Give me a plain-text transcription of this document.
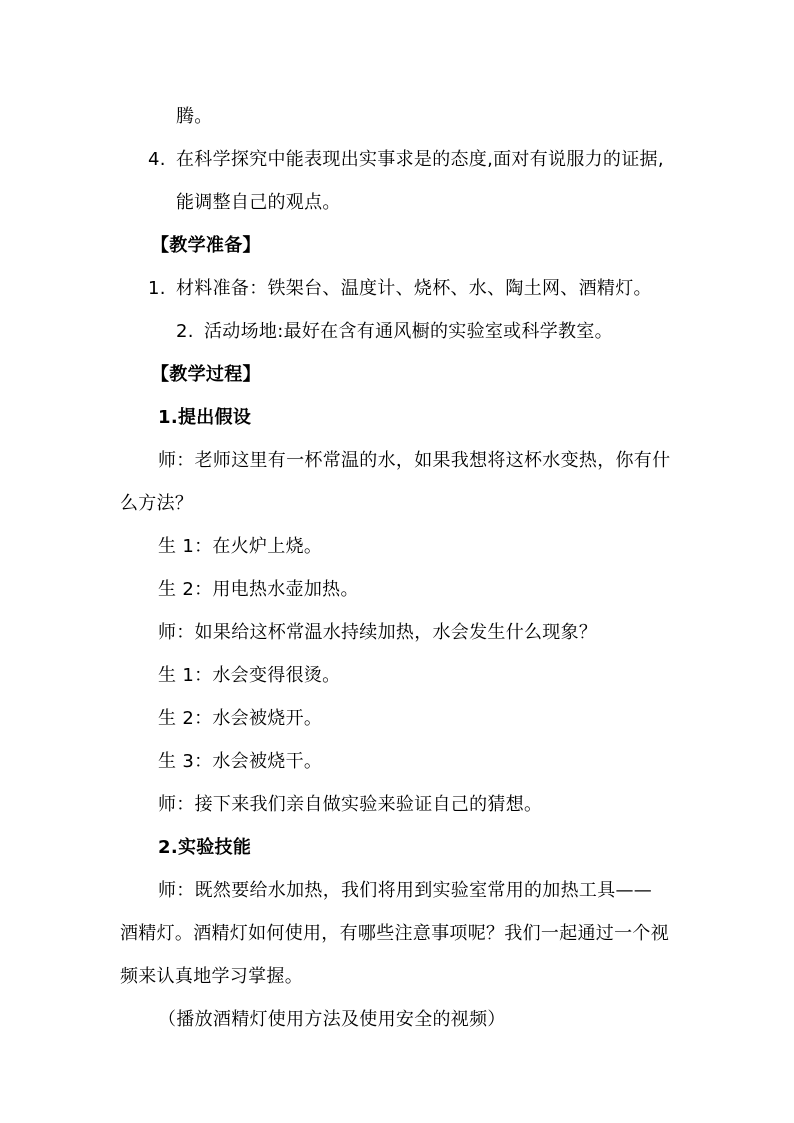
腾。
4. 在科学探究中能表现出实事求是的态度,面对有说服力的证据,
能调整自己的观点。
【教学准备】
1. 材料准备：铁架台、温度计、烧杯、水、陶土网、酒精灯。
2. 活动场地:最好在含有通风橱的实验室或科学教室。
【教学过程】
1.提出假设
师：老师这里有一杯常温的水，如果我想将这杯水变热，你有什
么方法？
生 1：在火炉上烧。
生 2：用电热水壶加热。
师：如果给这杯常温水持续加热，水会发生什么现象？
生 1：水会变得很烫。
生 2：水会被烧开。
生 3：水会被烧干。
师：接下来我们亲自做实验来验证自己的猜想。
2.实验技能
师：既然要给水加热，我们将用到实验室常用的加热工具——
酒精灯。酒精灯如何使用，有哪些注意事项呢？我们一起通过一个视
频来认真地学习掌握。
（播放酒精灯使用方法及使用安全的视频）
